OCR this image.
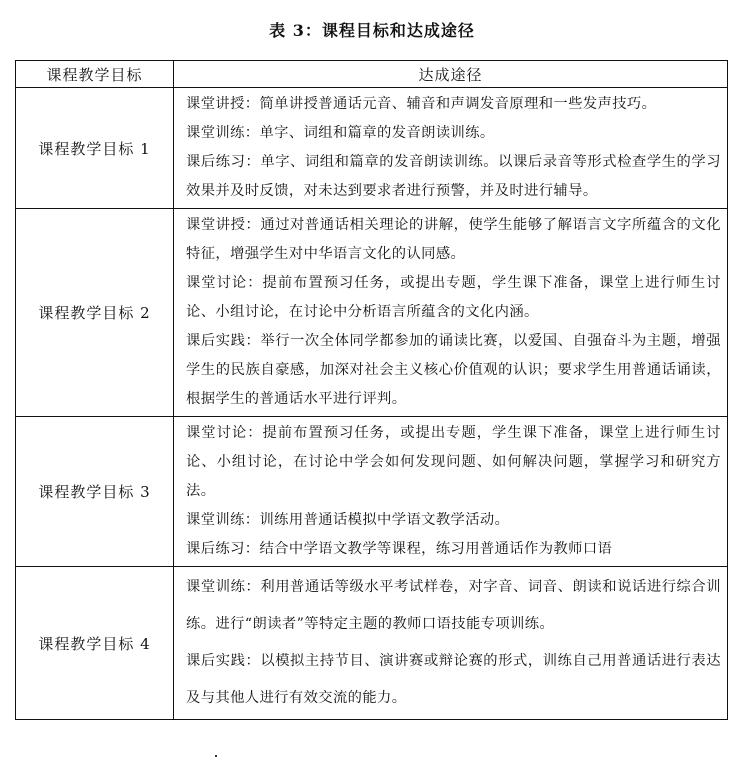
表 3：课程目标和达成途径
课程教学目标	达成途径
课程教学目标 1	课堂讲授：简单讲授普通话元音、辅音和声调发音原理和一些发声技巧。
课堂训练：单字、词组和篇章的发音朗读训练。
课后练习：单字、词组和篇章的发音朗读训练。以课后录音等形式检查学生的学习效果并及时反馈，对未达到要求者进行预警，并及时进行辅导。

课程教学目标 2	课堂讲授：通过对普通话相关理论的讲解，使学生能够了解语言文字所蕴含的文化特征，增强学生对中华语言文化的认同感。
课堂讨论：提前布置预习任务，或提出专题，学生课下准备，课堂上进行师生讨论、小组讨论，在讨论中分析语言所蕴含的文化内涵。
课后实践：举行一次全体同学都参加的诵读比赛，以爱国、自强奋斗为主题，增强学生的民族自豪感，加深对社会主义核心价值观的认识；要求学生用普通话诵读，根据学生的普通话水平进行评判。

课程教学目标 3	课堂讨论：提前布置预习任务，或提出专题，学生课下准备，课堂上进行师生讨论、小组讨论，在讨论中学会如何发现问题、如何解决问题，掌握学习和研究方法。
课堂训练：训练用普通话模拟中学语文教学活动。
课后练习：结合中学语文教学等课程，练习用普通话作为教师口语

课程教学目标 4	课堂训练：利用普通话等级水平考试样卷，对字音、词音、朗读和说话进行综合训练。进行“朗读者”等特定主题的教师口语技能专项训练。
课后实践：以模拟主持节目、演讲赛或辩论赛的形式，训练自己用普通话进行表达及与其他人进行有效交流的能力。
